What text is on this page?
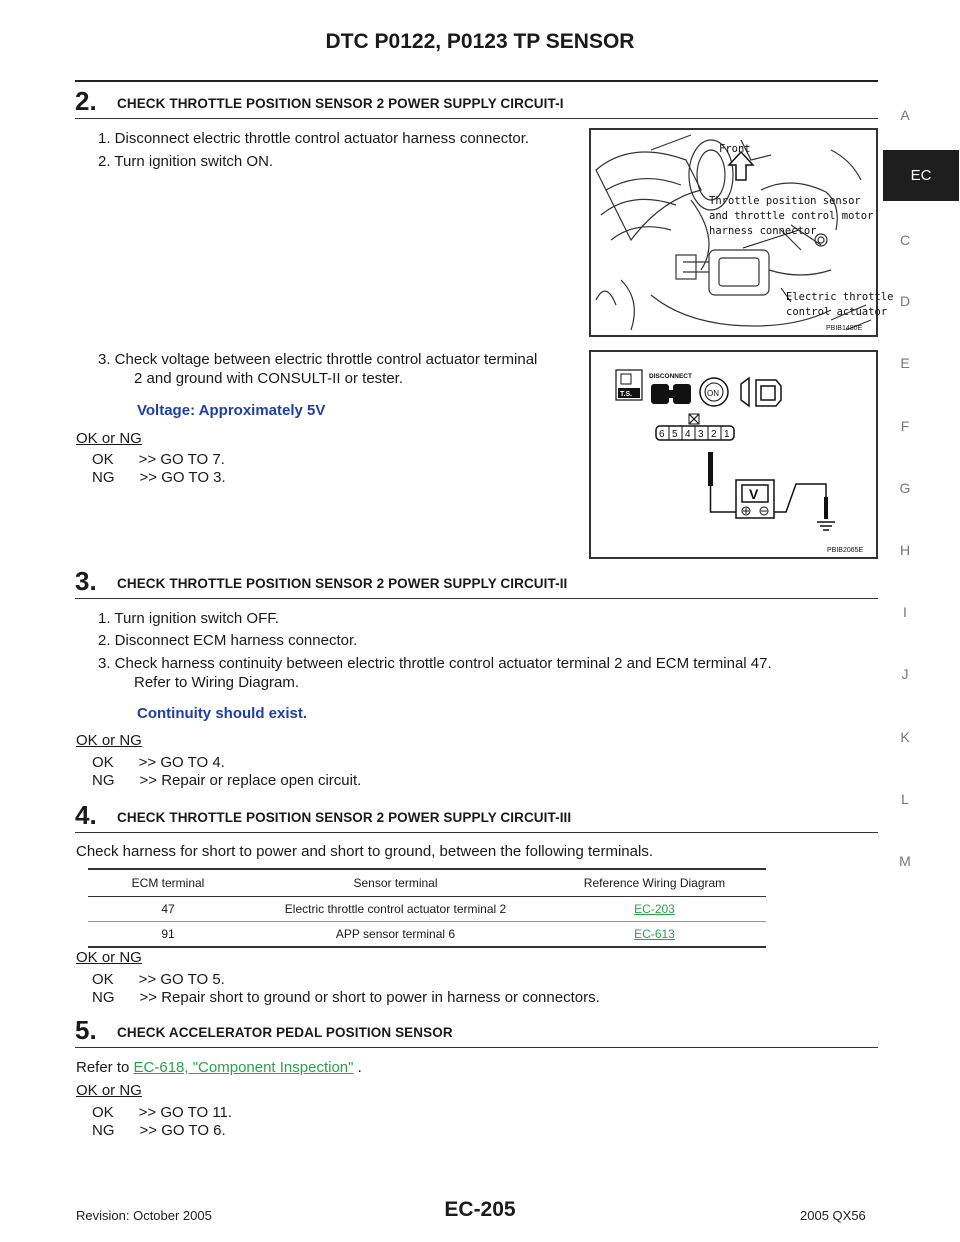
DTC P0122, P0123 TP SENSOR
A
EC
C
D
E
F
G
H
I
J
K
L
M
2. CHECK THROTTLE POSITION SENSOR 2 POWER SUPPLY CIRCUIT-I
1. Disconnect electric throttle control actuator harness connector.
2. Turn ignition switch ON.
3. Check voltage between electric throttle control actuator terminal
2 and ground with CONSULT-II or tester.
Voltage: Approximately 5V
OK or NG
OK      >> GO TO 7.
NG      >> GO TO 3.
Front
Throttle position sensor
and throttle control motor
harness connector
Electric throttle
control actuator
PBIB1480E
T.S.
DISCONNECT
ON
6 5 4 3 2 1
V
PBIB2065E
3. CHECK THROTTLE POSITION SENSOR 2 POWER SUPPLY CIRCUIT-II
1. Turn ignition switch OFF.
2. Disconnect ECM harness connector.
3. Check harness continuity between electric throttle control actuator terminal 2 and ECM terminal 47.
Refer to Wiring Diagram.
Continuity should exist.
OK or NG
OK      >> GO TO 4.
NG      >> Repair or replace open circuit.
4. CHECK THROTTLE POSITION SENSOR 2 POWER SUPPLY CIRCUIT-III
Check harness for short to power and short to ground, between the following terminals.
ECM terminal	Sensor terminal	Reference Wiring Diagram
47	Electric throttle control actuator terminal 2	EC-203
91	APP sensor terminal 6	EC-613
OK or NG
OK      >> GO TO 5.
NG      >> Repair short to ground or short to power in harness or connectors.
5. CHECK ACCELERATOR PEDAL POSITION SENSOR
Refer to EC-618, "Component Inspection" .
OK or NG
OK      >> GO TO 11.
NG      >> GO TO 6.
Revision: October 2005	EC-205	2005 QX56
